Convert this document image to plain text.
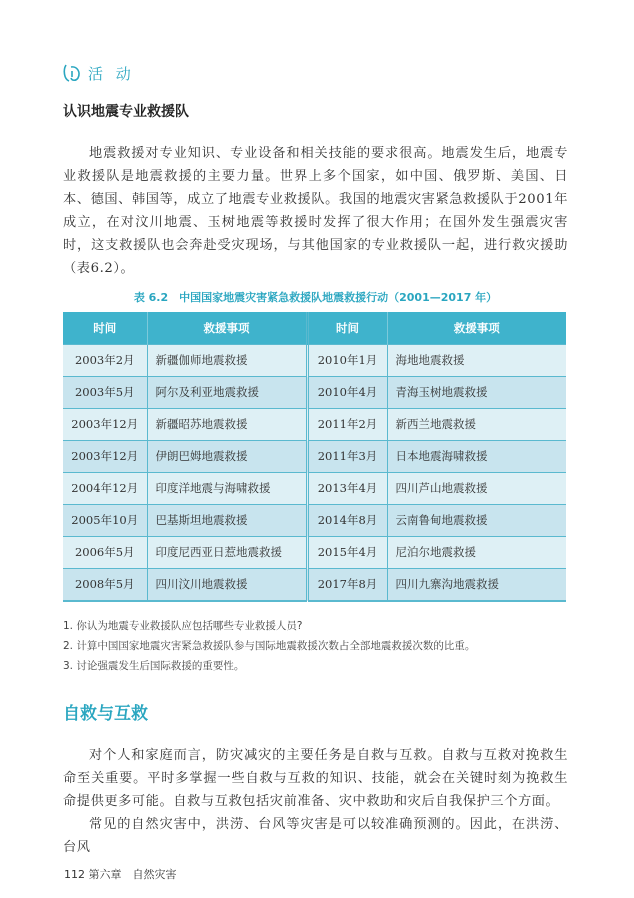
活 动
认识地震专业救援队

地震救援对专业知识、专业设备和相关技能的要求很高。地震发生后，地震专业救援队是地震救援的主要力量。世界上多个国家，如中国、俄罗斯、美国、日本、德国、韩国等，成立了地震专业救援队。我国的地震灾害紧急救援队于2001年成立，在对汶川地震、玉树地震等救援时发挥了很大作用；在国外发生强震灾害时，这支救援队也会奔赴受灾现场，与其他国家的专业救援队一起，进行救灾援助（表6.2）。

表 6.2　中国国家地震灾害紧急救援队地震救援行动（2001—2017 年）
时间	救援事项	时间	救援事项
2003年2月	新疆伽师地震救援	2010年1月	海地地震救援
2003年5月	阿尔及利亚地震救援	2010年4月	青海玉树地震救援
2003年12月	新疆昭苏地震救援	2011年2月	新西兰地震救援
2003年12月	伊朗巴姆地震救援	2011年3月	日本地震海啸救援
2004年12月	印度洋地震与海啸救援	2013年4月	四川芦山地震救援
2005年10月	巴基斯坦地震救援	2014年8月	云南鲁甸地震救援
2006年5月	印度尼西亚日惹地震救援	2015年4月	尼泊尔地震救援
2008年5月	四川汶川地震救援	2017年8月	四川九寨沟地震救援
1. 你认为地震专业救援队应包括哪些专业救援人员?
2. 计算中国国家地震灾害紧急救援队参与国际地震救援次数占全部地震救援次数的比重。
3. 讨论强震发生后国际救援的重要性。
自救与互救

对个人和家庭而言，防灾减灾的主要任务是自救与互救。自救与互救对挽救生命至关重要。平时多掌握一些自救与互救的知识、技能，就会在关键时刻为挽救生命提供更多可能。自救与互救包括灾前准备、灾中救助和灾后自我保护三个方面。

常见的自然灾害中，洪涝、台风等灾害是可以较准确预测的。因此，在洪涝、台风

112 第六章　自然灾害
